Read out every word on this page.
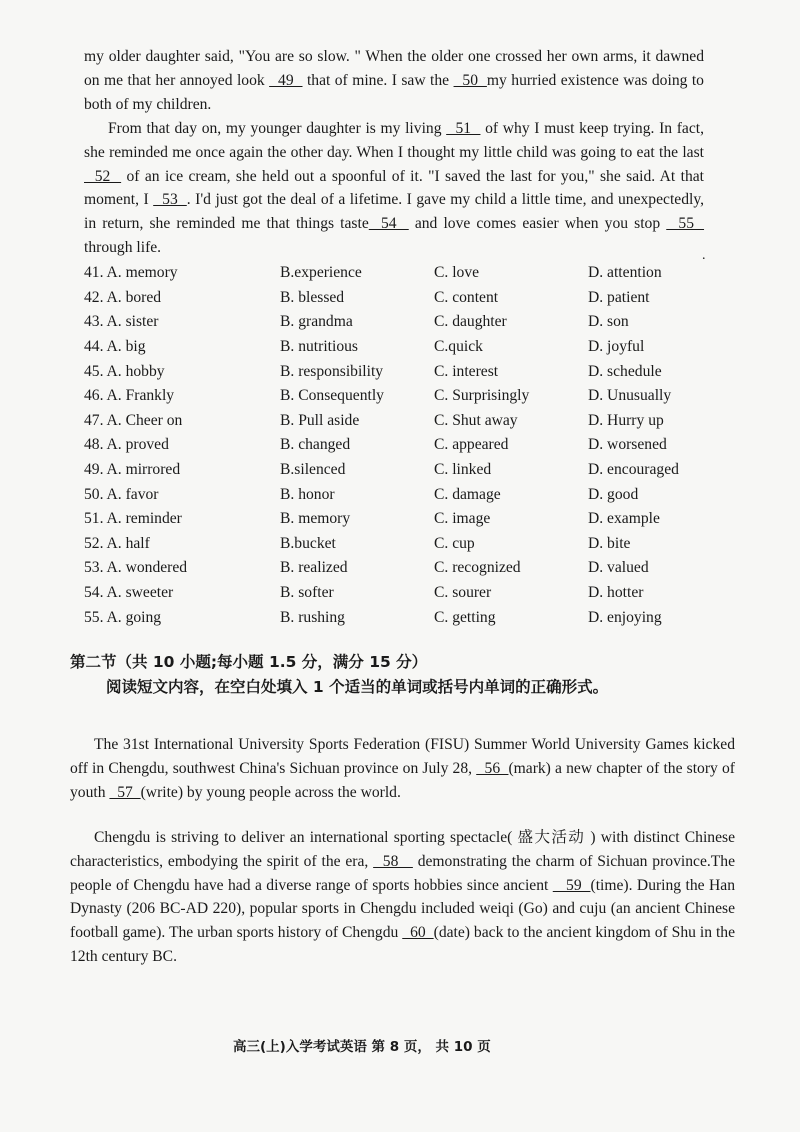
my older daughter said, "You are so slow. " When the older one crossed her own arms, it dawned on me that her annoyed look   49   that of mine. I saw the   50  my hurried existence was doing to both of my children.
From that day on, my younger daughter is my living   51   of why I must keep trying. In fact, she reminded me once again the other day. When I thought my little child was going to eat the last   52   of an ice cream, she held out a spoonful of it. "I saved the last for you," she said. At that moment, I   53  . I'd just got the deal of a lifetime. I gave my child a little time, and unexpectedly, in return, she reminded me that things taste  54   and love comes easier when you stop   55   through life.	.
41. A. memory	B.experience	C. love	D. attention
42. A. bored	B. blessed	C. content	D. patient
43. A. sister	B. grandma	C. daughter	D. son
44. A. big	B. nutritious	C.quick	D. joyful
45. A. hobby	B. responsibility	C. interest	D. schedule
46. A. Frankly	B. Consequently	C. Surprisingly	D. Unusually
47. A. Cheer on	B. Pull aside	C. Shut away	D. Hurry up
48. A. proved	B. changed	C. appeared	D. worsened
49. A. mirrored	B.silenced	C. linked	D. encouraged
50. A. favor	B. honor	C. damage	D. good
51. A. reminder	B. memory	C. image	D. example
52. A. half	B.bucket	C. cup	D. bite
53. A. wondered	B. realized	C. recognized	D. valued
54. A. sweeter	B. softer	C. sourer	D. hotter
55. A. going	B. rushing	C. getting	D. enjoying
第二节（共 10 小题;每小题 1.5 分，满分 15 分）
阅读短文内容，在空白处填入 1 个适当的单词或括号内单词的正确形式。
The 31st International University Sports Federation (FISU) Summer World University Games kicked off in Chengdu, southwest China's Sichuan province on July 28,   56  (mark) a new chapter of the story of youth   57  (write) by young people across the world.
Chengdu is striving to deliver an international sporting spectacle( 盛大活动 ) with distinct Chinese characteristics, embodying the spirit of the era,   58    demonstrating the charm of Sichuan province.The people of Chengdu have had a diverse range of sports hobbies since ancient    59  (time). During the Han Dynasty (206 BC-AD 220), popular sports in Chengdu included weiqi (Go) and cuju (an ancient Chinese football game). The urban sports history of Chengdu   60  (date) back to the ancient kingdom of Shu in the 12th century BC.
高三(上)入学考试英语 第 8 页， 共 10 页
